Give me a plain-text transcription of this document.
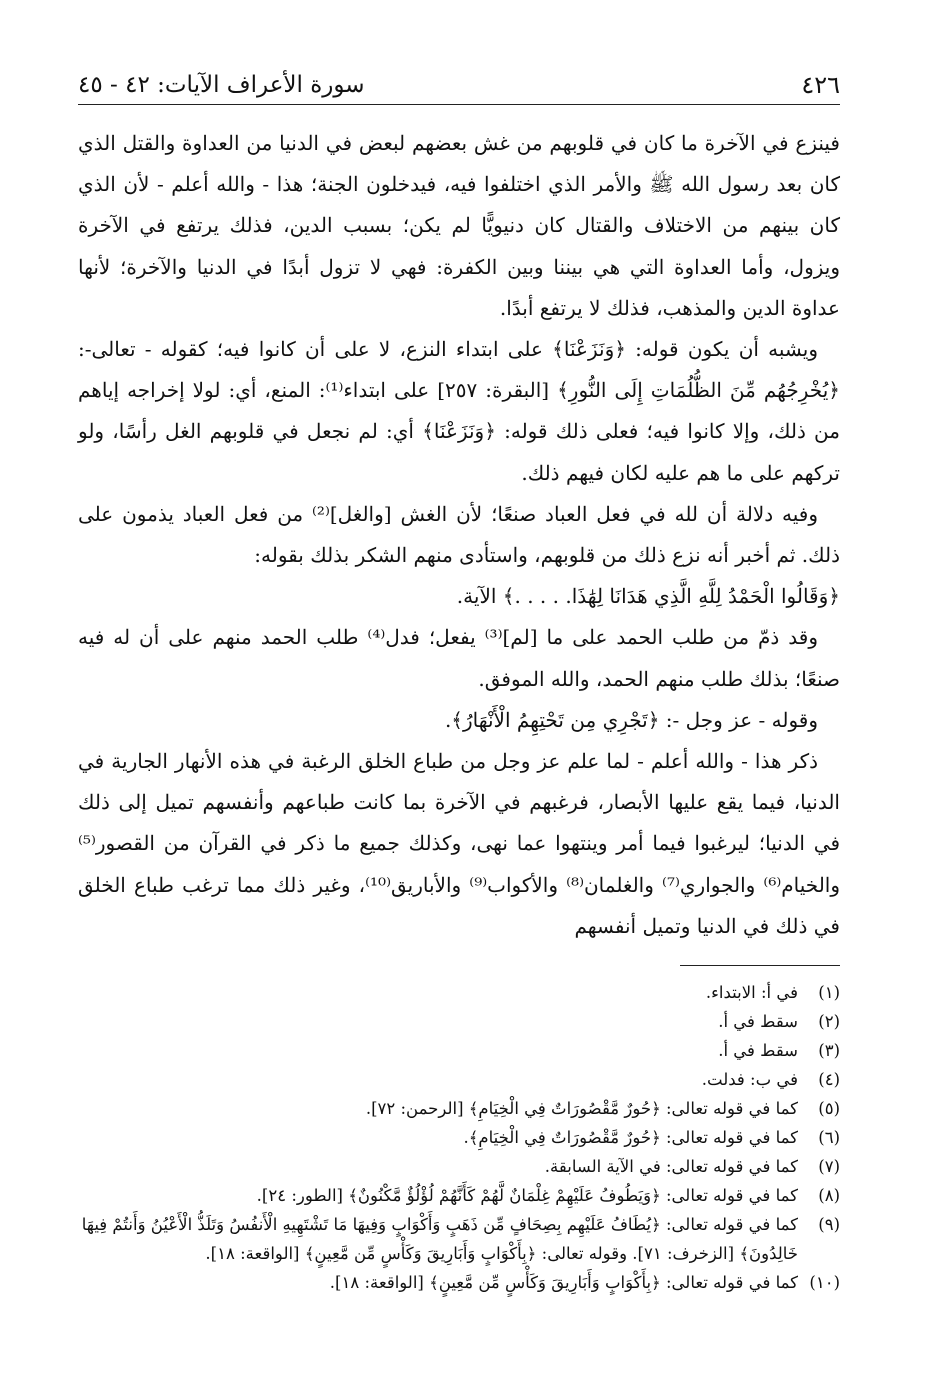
٤٢٦
سورة الأعراف الآيات: ٤٢ - ٤٥

فينزع في الآخرة ما كان في قلوبهم من غش بعضهم لبعض في الدنيا من العداوة والقتل الذي كان بعد رسول الله ﷺ والأمر الذي اختلفوا فيه، فيدخلون الجنة؛ هذا - والله أعلم - لأن الذي كان بينهم من الاختلاف والقتال كان دنيويًّا لم يكن؛ بسبب الدين، فذلك يرتفع في الآخرة ويزول، وأما العداوة التي هي بيننا وبين الكفرة: فهي لا تزول أبدًا في الدنيا والآخرة؛ لأنها عداوة الدين والمذهب، فذلك لا يرتفع أبدًا.

ويشبه أن يكون قوله: ﴿وَنَزَعْنَا﴾ على ابتداء النزع، لا على أن كانوا فيه؛ كقوله - تعالى-: ﴿يُخْرِجُهُم مِّنَ الظُّلُمَاتِ إِلَى النُّورِ﴾ [البقرة: ٢٥٧] على ابتداء⁽¹⁾: المنع، أي: لولا إخراجه إياهم من ذلك، وإلا كانوا فيه؛ فعلى ذلك قوله: ﴿وَنَزَعْنَا﴾ أي: لم نجعل في قلوبهم الغل رأسًا، ولو تركهم على ما هم عليه لكان فيهم ذلك.

وفيه دلالة أن لله في فعل العباد صنعًا؛ لأن الغش [والغل]⁽²⁾ من فعل العباد يذمون على ذلك. ثم أخبر أنه نزع ذلك من قلوبهم، واستأدى منهم الشكر بذلك بقوله:

﴿وَقَالُوا الْحَمْدُ لِلَّهِ الَّذِي هَدَانَا لِهَٰذَا. . . . .﴾ الآية.

وقد ذمّ من طلب الحمد على ما [لم]⁽³⁾ يفعل؛ فدل⁽⁴⁾ طلب الحمد منهم على أن له فيه صنعًا؛ بذلك طلب منهم الحمد، والله الموفق.

وقوله - عز وجل -: ﴿تَجْرِي مِن تَحْتِهِمُ الْأَنْهَارُ﴾.

ذكر هذا - والله أعلم - لما علم عز وجل من طباع الخلق الرغبة في هذه الأنهار الجارية في الدنيا، فيما يقع عليها الأبصار، فرغبهم في الآخرة بما كانت طباعهم وأنفسهم تميل إلى ذلك في الدنيا؛ ليرغبوا فيما أمر وينتهوا عما نهى، وكذلك جميع ما ذكر في القرآن من القصور⁽⁵⁾ والخيام⁽⁶⁾ والجواري⁽⁷⁾ والغلمان⁽⁸⁾ والأكواب⁽⁹⁾ والأباريق⁽¹⁰⁾، وغير ذلك مما ترغب طباع الخلق في ذلك في الدنيا وتميل أنفسهم

(١)
في أ: الابتداء.
(٢)
سقط في أ.
(٣)
سقط في أ.
(٤)
في ب: فدلت.
(٥)
كما في قوله تعالى: ﴿حُورٌ مَّقْصُورَاتٌ فِي الْخِيَامِ﴾ [الرحمن: ٧٢].
(٦)
كما في قوله تعالى: ﴿حُورٌ مَّقْصُورَاتٌ فِي الْخِيَامِ﴾.
(٧)
كما في قوله تعالى: في الآية السابقة.
(٨)
كما في قوله تعالى: ﴿وَيَطُوفُ عَلَيْهِمْ غِلْمَانٌ لَّهُمْ كَأَنَّهُمْ لُؤْلُؤٌ مَّكْنُونٌ﴾ [الطور: ٢٤].
(٩)
كما في قوله تعالى: ﴿يُطَافُ عَلَيْهِم بِصِحَافٍ مِّن ذَهَبٍ وَأَكْوَابٍ وَفِيهَا مَا تَشْتَهِيهِ الْأَنفُسُ وَتَلَذُّ الْأَعْيُنُ وَأَنتُمْ فِيهَا خَالِدُونَ﴾ [الزخرف: ٧١]. وقوله تعالى: ﴿بِأَكْوَابٍ وَأَبَارِيقَ وَكَأْسٍ مِّن مَّعِينٍ﴾ [الواقعة: ١٨].
(١٠)
كما في قوله تعالى: ﴿بِأَكْوَابٍ وَأَبَارِيقَ وَكَأْسٍ مِّن مَّعِينٍ﴾ [الواقعة: ١٨].
